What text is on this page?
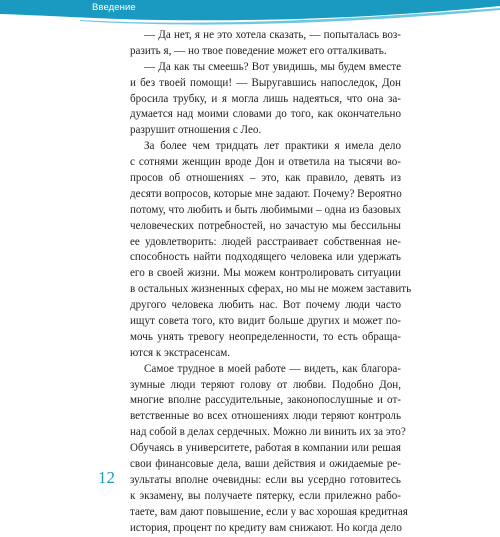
Введение
— Да нет, я не это хотела сказать, — попыталась воз-
разить я, — но твое поведение может его отталкивать.
— Да как ты смеешь? Вот увидишь, мы будем вместе
и без твоей помощи! — Выругавшись напоследок, Дон
бросила трубку, и я могла лишь надеяться, что она за-
думается над моими словами до того, как окончательно
разрушит отношения с Лео.
За более чем тридцать лет практики я имела дело
с сотнями женщин вроде Дон и ответила на тысячи во-
просов об отношениях – это, как правило, девять из
десяти вопросов, которые мне задают. Почему? Вероятно
потому, что любить и быть любимыми – одна из базовых
человеческих потребностей, но зачастую мы бессильны
ее удовлетворить: людей расстраивает собственная не-
способность найти подходящего человека или удержать
его в своей жизни. Мы можем контролировать ситуации
в остальных жизненных сферах, но мы не можем заставить
другого человека любить нас. Вот почему люди часто
ищут совета того, кто видит больше других и может по-
мочь унять тревогу неопределенности, то есть обраща-
ются к экстрасенсам.
Самое трудное в моей работе — видеть, как благора-
зумные люди теряют голову от любви. Подобно Дон,
многие вполне рассудительные, законопослушные и от-
ветственные во всех отношениях люди теряют контроль
над собой в делах сердечных. Можно ли винить их за это?
Обучаясь в университете, работая в компании или решая
свои финансовые дела, ваши действия и ожидаемые ре-
зультаты вполне очевидны: если вы усердно готовитесь
к экзамену, вы получаете пятерку, если прилежно рабо-
таете, вам дают повышение, если у вас хорошая кредитная
история, процент по кредиту вам снижают. Но когда дело
12
